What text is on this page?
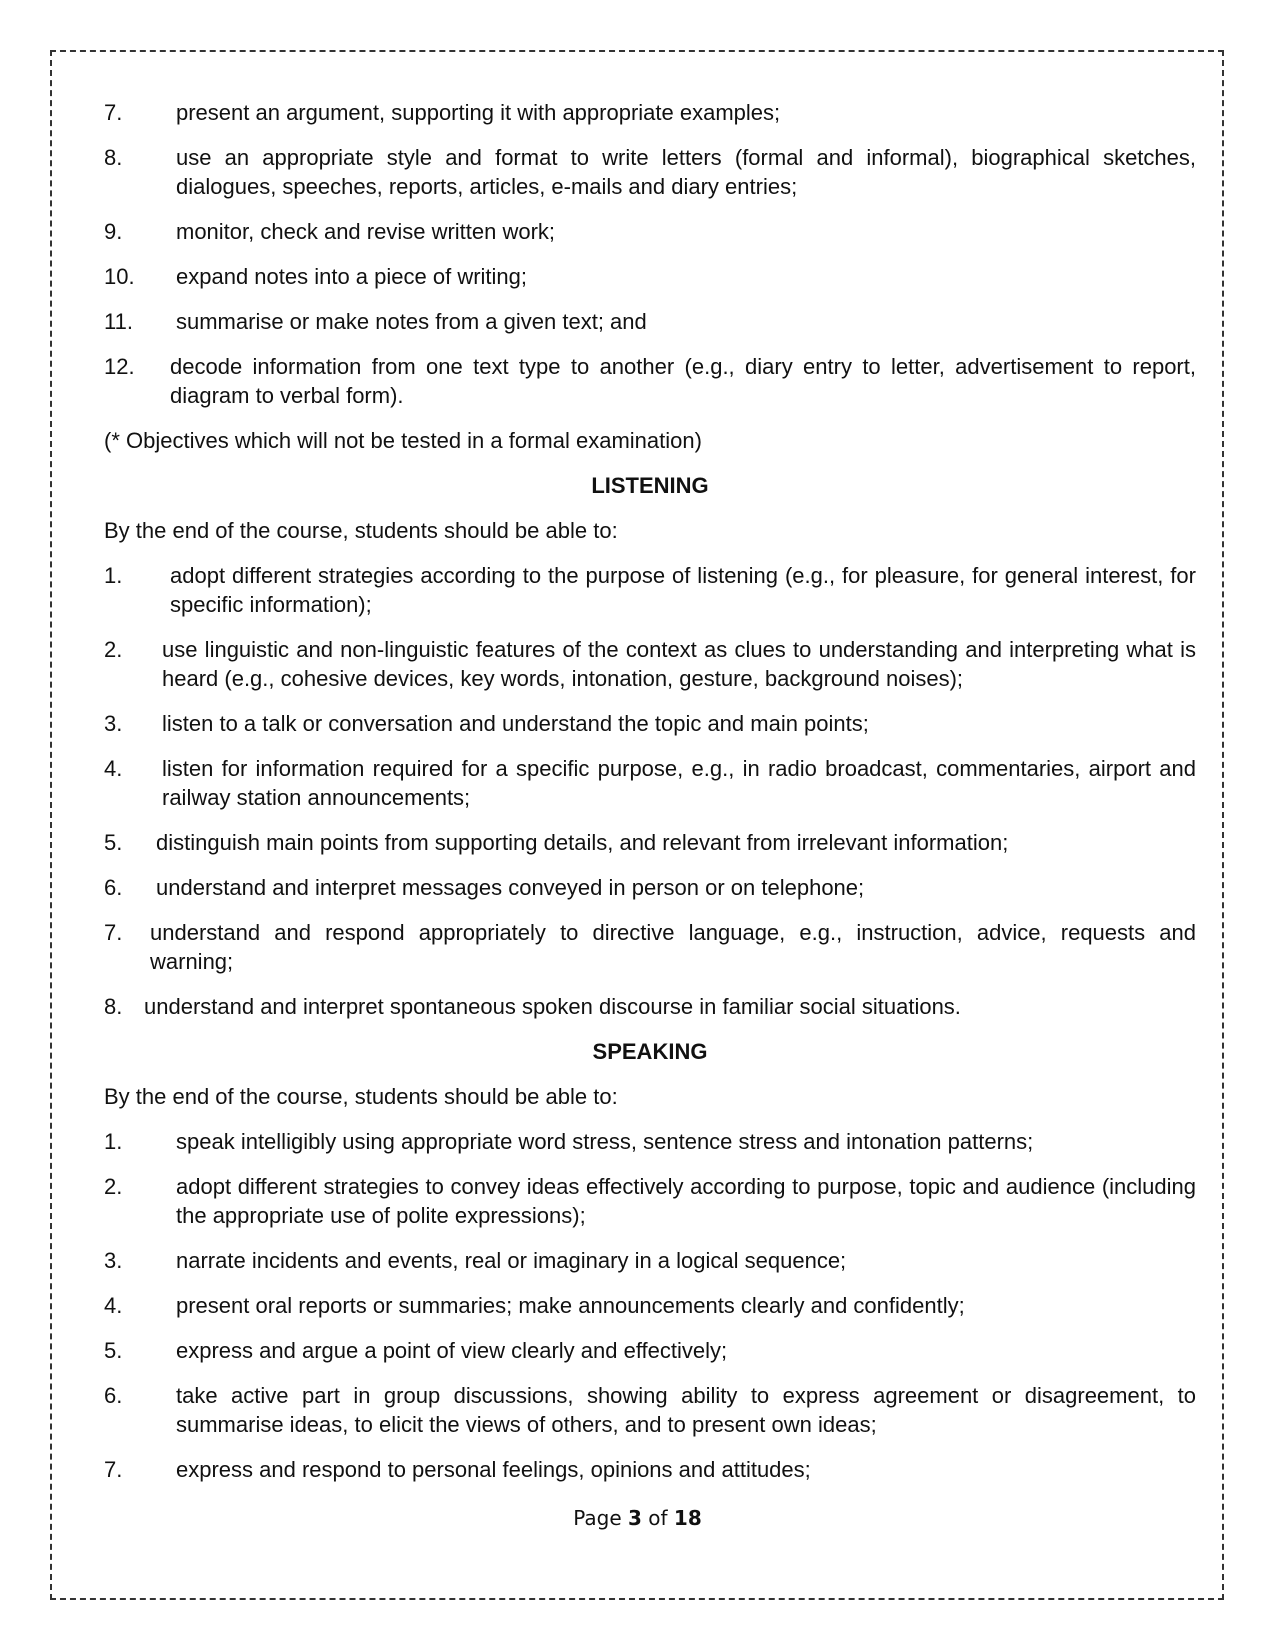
7.	present an argument, supporting it with appropriate examples;
8.	use an appropriate style and format to write letters (formal and informal), biographical sketches, dialogues, speeches, reports, articles, e-mails and diary entries;
9.	monitor, check and revise written work;
10.	expand notes into a piece of writing;
11.	summarise or make notes from a given text; and
12.	decode information from one text type to another (e.g., diary entry to letter, advertisement to report, diagram to verbal form).
(* Objectives which will not be tested in a formal examination)
LISTENING
By the end of the course, students should be able to:
1.	adopt different strategies according to the purpose of listening (e.g., for pleasure, for general interest, for specific information);
2.	use linguistic and non-linguistic features of the context as clues to understanding and interpreting what is heard (e.g., cohesive devices, key words, intonation, gesture, background noises);
3.	listen to a talk or conversation and understand the topic and main points;
4.	listen for information required for a specific purpose, e.g., in radio broadcast, commentaries, airport and railway station announcements;
5.	distinguish main points from supporting details, and relevant from irrelevant information;
6.	understand and interpret messages conveyed in person or on telephone;
7.	understand and respond appropriately to directive language, e.g., instruction, advice, requests and warning;
8. understand and interpret spontaneous spoken discourse in familiar social situations.
SPEAKING
By the end of the course, students should be able to:
1.	speak intelligibly using appropriate word stress, sentence stress and intonation patterns;
2.	adopt different strategies to convey ideas effectively according to purpose, topic and audience (including the appropriate use of polite expressions);
3.	narrate incidents and events, real or imaginary in a logical sequence;
4.	present oral reports or summaries; make announcements clearly and confidently;
5.	express and argue a point of view clearly and effectively;
6.	take active part in group discussions, showing ability to express agreement or disagreement, to summarise ideas, to elicit the views of others, and to present own ideas;
7.	express and respond to personal feelings, opinions and attitudes;
Page 3 of 18
